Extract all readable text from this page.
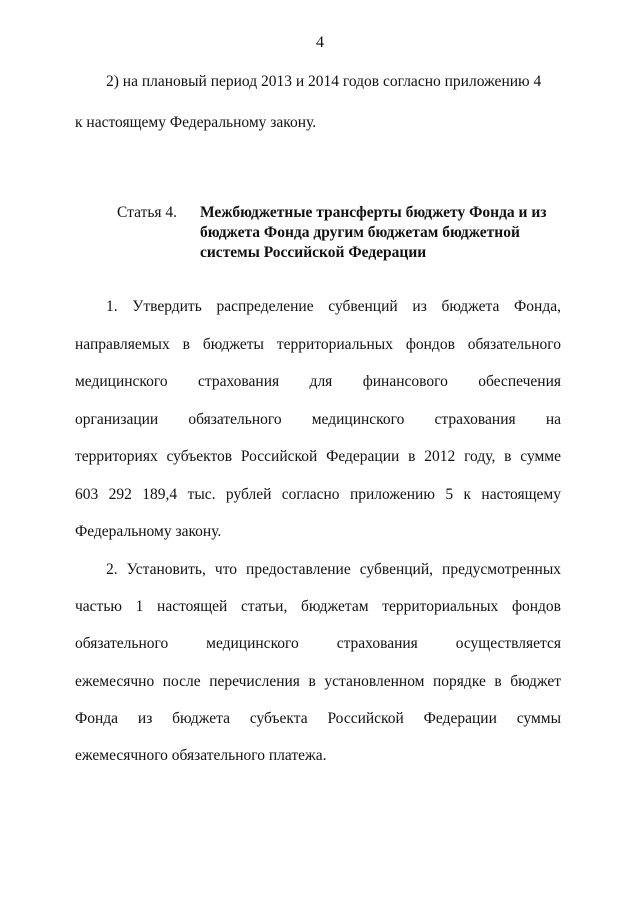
4
2) на плановый период 2013 и 2014 годов согласно приложению 4
к настоящему Федеральному закону.
Статья 4. Межбюджетные трансферты бюджету Фонда и из
бюджета Фонда другим бюджетам бюджетной
системы Российской Федерации
1. Утвердить распределение субвенций из бюджета Фонда,
направляемых в бюджеты территориальных фондов обязательного
медицинского страхования для финансового обеспечения
организации обязательного медицинского страхования на
территориях субъектов Российской Федерации в 2012 году, в сумме
603 292 189,4 тыс. рублей согласно приложению 5 к настоящему
Федеральному закону.
2. Установить, что предоставление субвенций, предусмотренных
частью 1 настоящей статьи, бюджетам территориальных фондов
обязательного медицинского страхования осуществляется
ежемесячно после перечисления в установленном порядке в бюджет
Фонда из бюджета субъекта Российской Федерации суммы
ежемесячного обязательного платежа.
